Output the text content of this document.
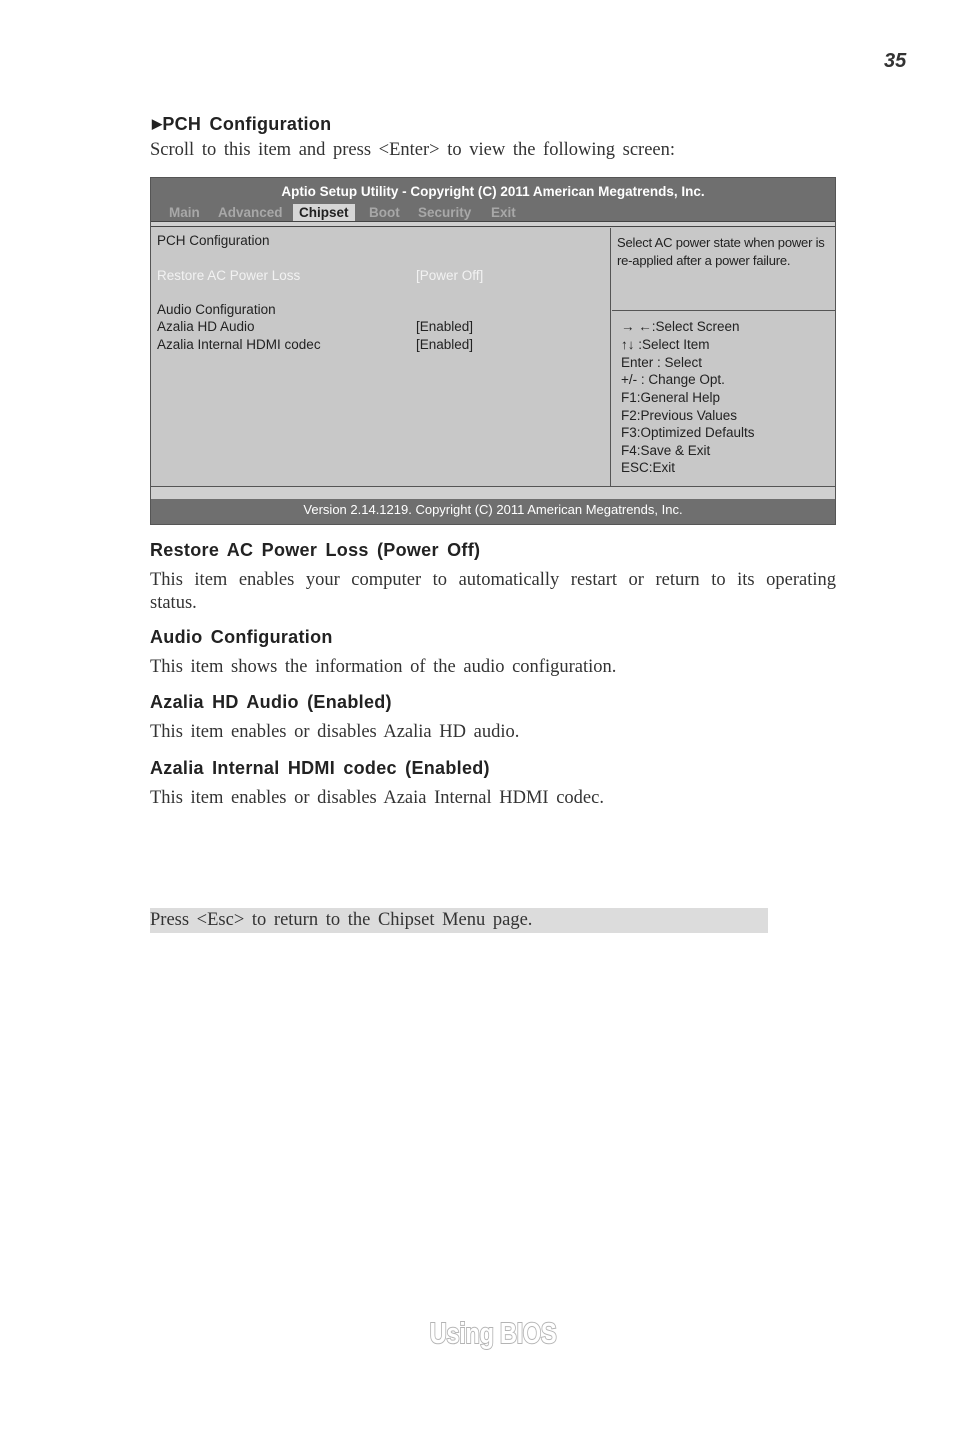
35
▶PCH Configuration
Scroll to this item and press <Enter> to view the following screen:
Aptio Setup Utility - Copyright (C) 2011 American Megatrends, Inc.
Main Advanced	Chipset	Boot Security Exit
PCH Configuration
Restore AC Power Loss	[Power Off]
Audio Configuration
Azalia HD Audio	[Enabled]
Azalia Internal HDMI codec	[Enabled]

Select AC power state when power is re-applied after a power failure.

→ ←:Select Screen
↑↓ :Select Item
Enter : Select
+/- : Change Opt.
F1:General Help
F2:Previous Values
F3:Optimized Defaults
F4:Save & Exit
ESC:Exit
Version 2.14.1219. Copyright (C) 2011 American Megatrends, Inc.
Restore AC Power Loss (Power Off)
This item enables your computer to automatically restart or return to its operating status.
Audio Configuration
This item shows the information of the audio configuration.
Azalia HD Audio (Enabled)
This item enables or disables Azalia HD audio.
Azalia Internal HDMI codec (Enabled)
This item enables or disables Azaia Internal HDMI codec.
Press <Esc> to return to the Chipset Menu page.
Using BIOS
